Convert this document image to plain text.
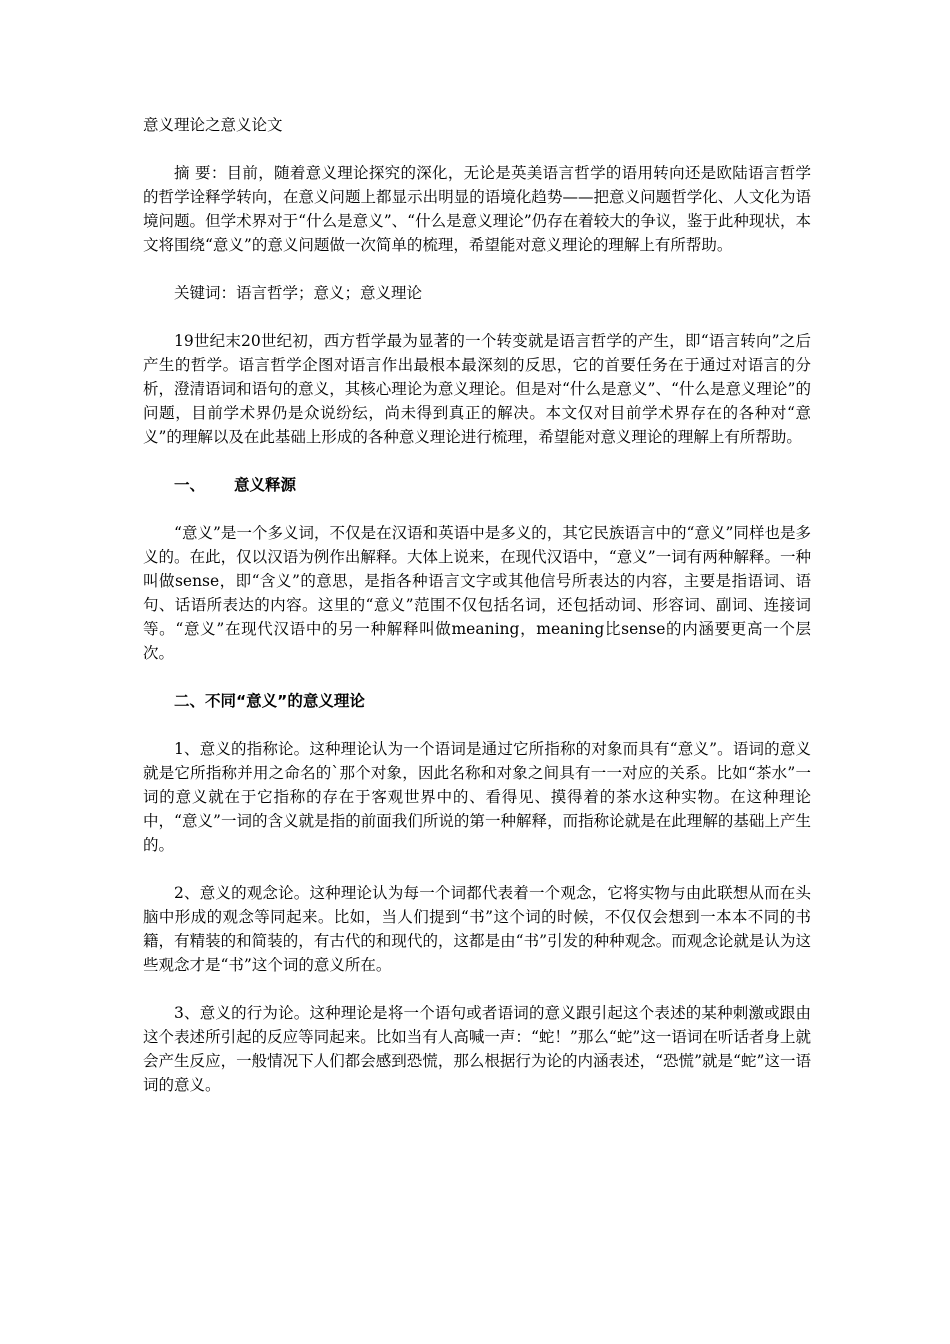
意义理论之意义论文

摘 要：目前，随着意义理论探究的深化，无论是英美语言哲学的语用转向还是欧陆语言哲学的哲学诠释学转向，在意义问题上都显示出明显的语境化趋势——把意义问题哲学化、人文化为语境问题。但学术界对于“什么是意义”、“什么是意义理论”仍存在着较大的争议，鉴于此种现状，本文将围绕“意义”的意义问题做一次简单的梳理，希望能对意义理论的理解上有所帮助。

关键词：语言哲学；意义；意义理论

19世纪末20世纪初，西方哲学最为显著的一个转变就是语言哲学的产生，即“语言转向”之后产生的哲学。语言哲学企图对语言作出最根本最深刻的反思，它的首要任务在于通过对语言的分析，澄清语词和语句的意义，其核心理论为意义理论。但是对“什么是意义”、“什么是意义理论”的问题，目前学术界仍是众说纷纭，尚未得到真正的解决。本文仅对目前学术界存在的各种对“意义”的理解以及在此基础上形成的各种意义理论进行梳理，希望能对意义理论的理解上有所帮助。

一、 意义释源

“意义”是一个多义词，不仅是在汉语和英语中是多义的，其它民族语言中的“意义”同样也是多义的。在此，仅以汉语为例作出解释。大体上说来，在现代汉语中，“意义”一词有两种解释。一种叫做sense，即“含义”的意思，是指各种语言文字或其他信号所表达的内容，主要是指语词、语句、话语所表达的内容。这里的“意义”范围不仅包括名词，还包括动词、形容词、副词、连接词等。“意义”在现代汉语中的另一种解释叫做meaning，meaning比sense的内涵要更高一个层次。

二、不同“意义”的意义理论

1、意义的指称论。这种理论认为一个语词是通过它所指称的对象而具有“意义”。语词的意义就是它所指称并用之命名的`那个对象，因此名称和对象之间具有一一对应的关系。比如“茶水”一词的意义就在于它指称的存在于客观世界中的、看得见、摸得着的茶水这种实物。在这种理论中，“意义”一词的含义就是指的前面我们所说的第一种解释，而指称论就是在此理解的基础上产生的。

2、意义的观念论。这种理论认为每一个词都代表着一个观念，它将实物与由此联想从而在头脑中形成的观念等同起来。比如，当人们提到“书”这个词的时候，不仅仅会想到一本本不同的书籍，有精装的和简装的，有古代的和现代的，这都是由“书”引发的种种观念。而观念论就是认为这些观念才是“书”这个词的意义所在。

3、意义的行为论。这种理论是将一个语句或者语词的意义跟引起这个表述的某种刺激或跟由这个表述所引起的反应等同起来。比如当有人高喊一声：“蛇！”那么“蛇”这一语词在听话者身上就会产生反应，一般情况下人们都会感到恐慌，那么根据行为论的内涵表述，“恐慌”就是“蛇”这一语词的意义。
